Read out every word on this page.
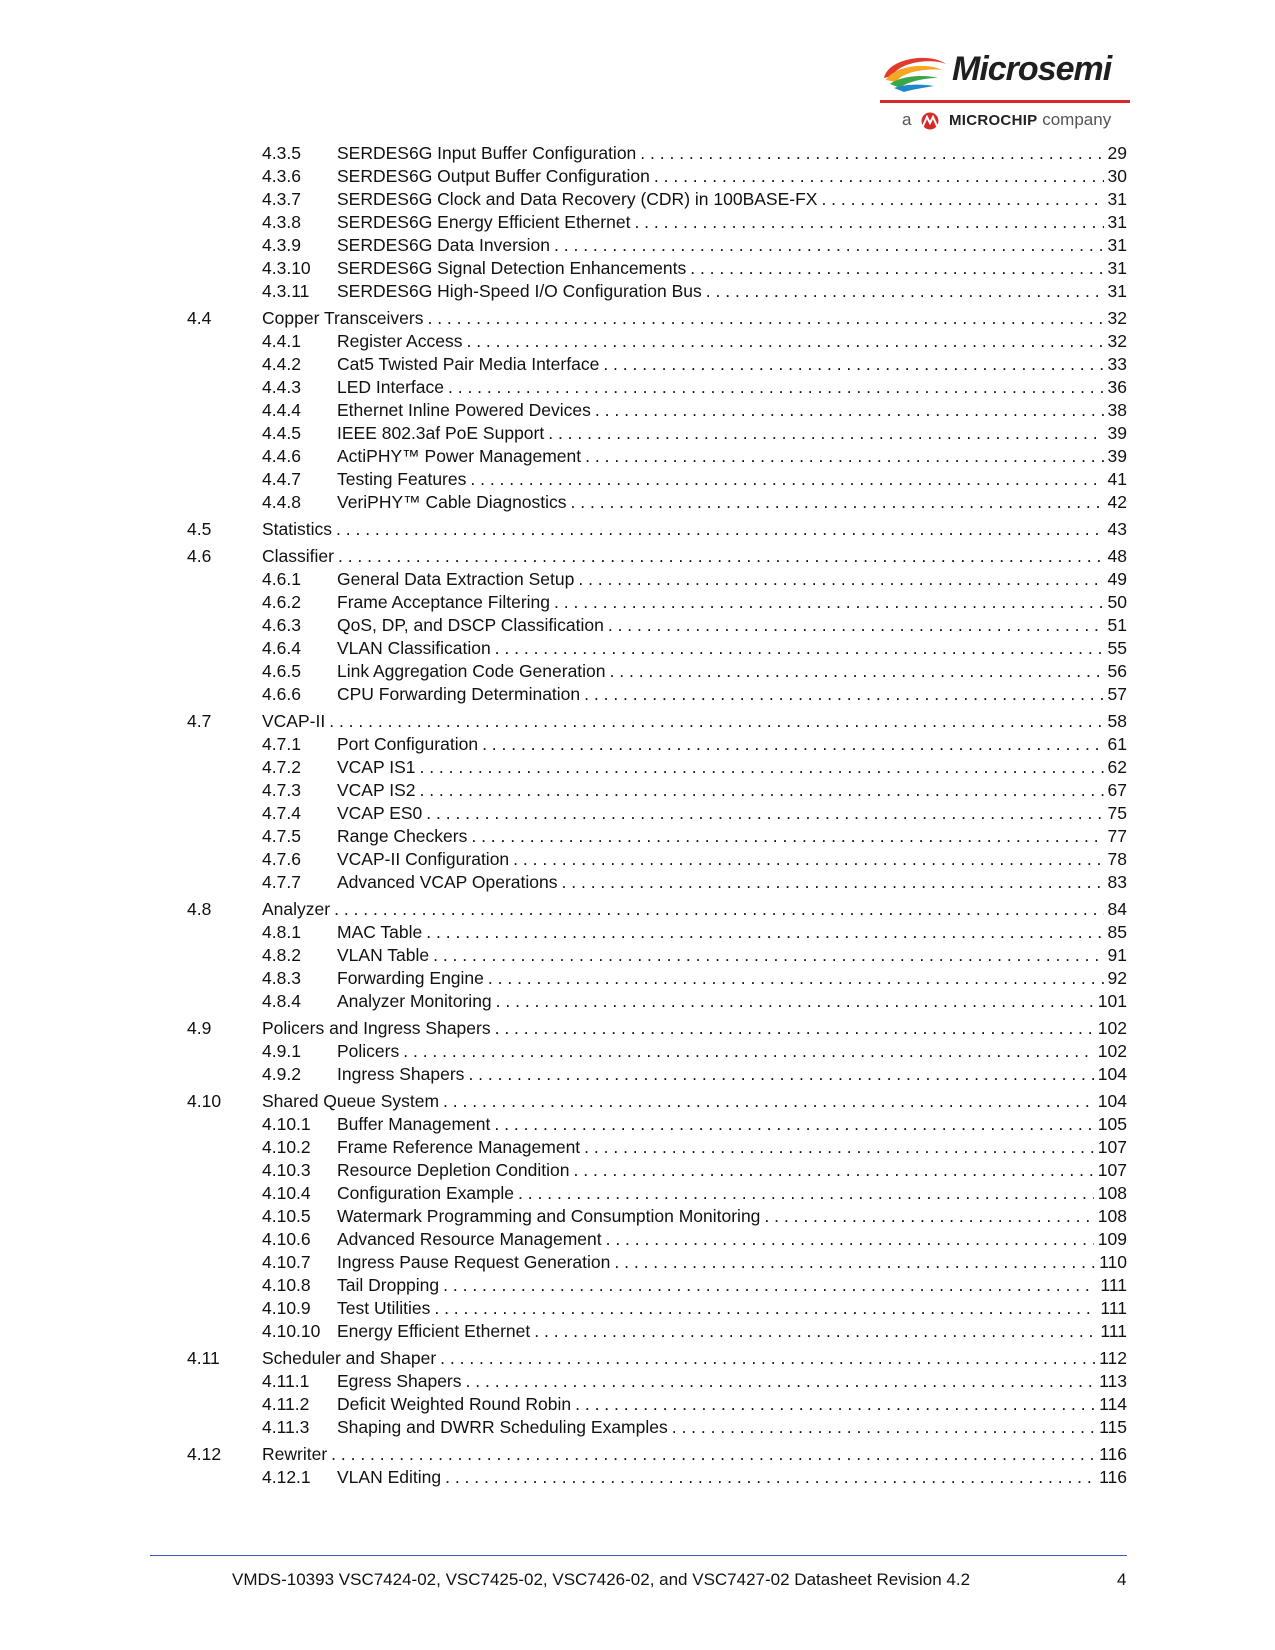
Microsemi
a MICROCHIP company
4.3.5	SERDES6G Input Buffer Configuration . . .	29
4.3.6	SERDES6G Output Buffer Configuration . . .	30
4.3.7	SERDES6G Clock and Data Recovery (CDR) in 100BASE-FX . . .	31
4.3.8	SERDES6G Energy Efficient Ethernet . . .	31
4.3.9	SERDES6G Data Inversion . . .	31
4.3.10	SERDES6G Signal Detection Enhancements . . .	31
4.3.11	SERDES6G High-Speed I/O Configuration Bus . . .	31
4.4	Copper Transceivers . . .	32
4.4.1	Register Access . . .	32
4.4.2	Cat5 Twisted Pair Media Interface . . .	33
4.4.3	LED Interface . . .	36
4.4.4	Ethernet Inline Powered Devices . . .	38
4.4.5	IEEE 802.3af PoE Support . . .	39
4.4.6	ActiPHY™ Power Management . . .	39
4.4.7	Testing Features . . .	41
4.4.8	VeriPHY™ Cable Diagnostics . . .	42
4.5	Statistics . . .	43
4.6	Classifier . . .	48
4.6.1	General Data Extraction Setup . . .	49
4.6.2	Frame Acceptance Filtering . . .	50
4.6.3	QoS, DP, and DSCP Classification . . .	51
4.6.4	VLAN Classification . . .	55
4.6.5	Link Aggregation Code Generation . . .	56
4.6.6	CPU Forwarding Determination . . .	57
4.7	VCAP-II . . .	58
4.7.1	Port Configuration . . .	61
4.7.2	VCAP IS1 . . .	62
4.7.3	VCAP IS2 . . .	67
4.7.4	VCAP ES0 . . .	75
4.7.5	Range Checkers . . .	77
4.7.6	VCAP-II Configuration . . .	78
4.7.7	Advanced VCAP Operations . . .	83
4.8	Analyzer . . .	84
4.8.1	MAC Table . . .	85
4.8.2	VLAN Table . . .	91
4.8.3	Forwarding Engine . . .	92
4.8.4	Analyzer Monitoring . . .	101
4.9	Policers and Ingress Shapers . . .	102
4.9.1	Policers . . .	102
4.9.2	Ingress Shapers . . .	104
4.10	Shared Queue System . . .	104
4.10.1	Buffer Management . . .	105
4.10.2	Frame Reference Management . . .	107
4.10.3	Resource Depletion Condition . . .	107
4.10.4	Configuration Example . . .	108
4.10.5	Watermark Programming and Consumption Monitoring . . .	108
4.10.6	Advanced Resource Management . . .	109
4.10.7	Ingress Pause Request Generation . . .	110
4.10.8	Tail Dropping . . .	111
4.10.9	Test Utilities . . .	111
4.10.10 Energy Efficient Ethernet . . .	111
4.11	Scheduler and Shaper . . .	112
4.11.1	Egress Shapers . . .	113
4.11.2	Deficit Weighted Round Robin . . .	114
4.11.3	Shaping and DWRR Scheduling Examples . . .	115
4.12	Rewriter . . .	116
4.12.1	VLAN Editing . . .	116
VMDS-10393 VSC7424-02, VSC7425-02, VSC7426-02, and VSC7427-02 Datasheet Revision 4.2	4
